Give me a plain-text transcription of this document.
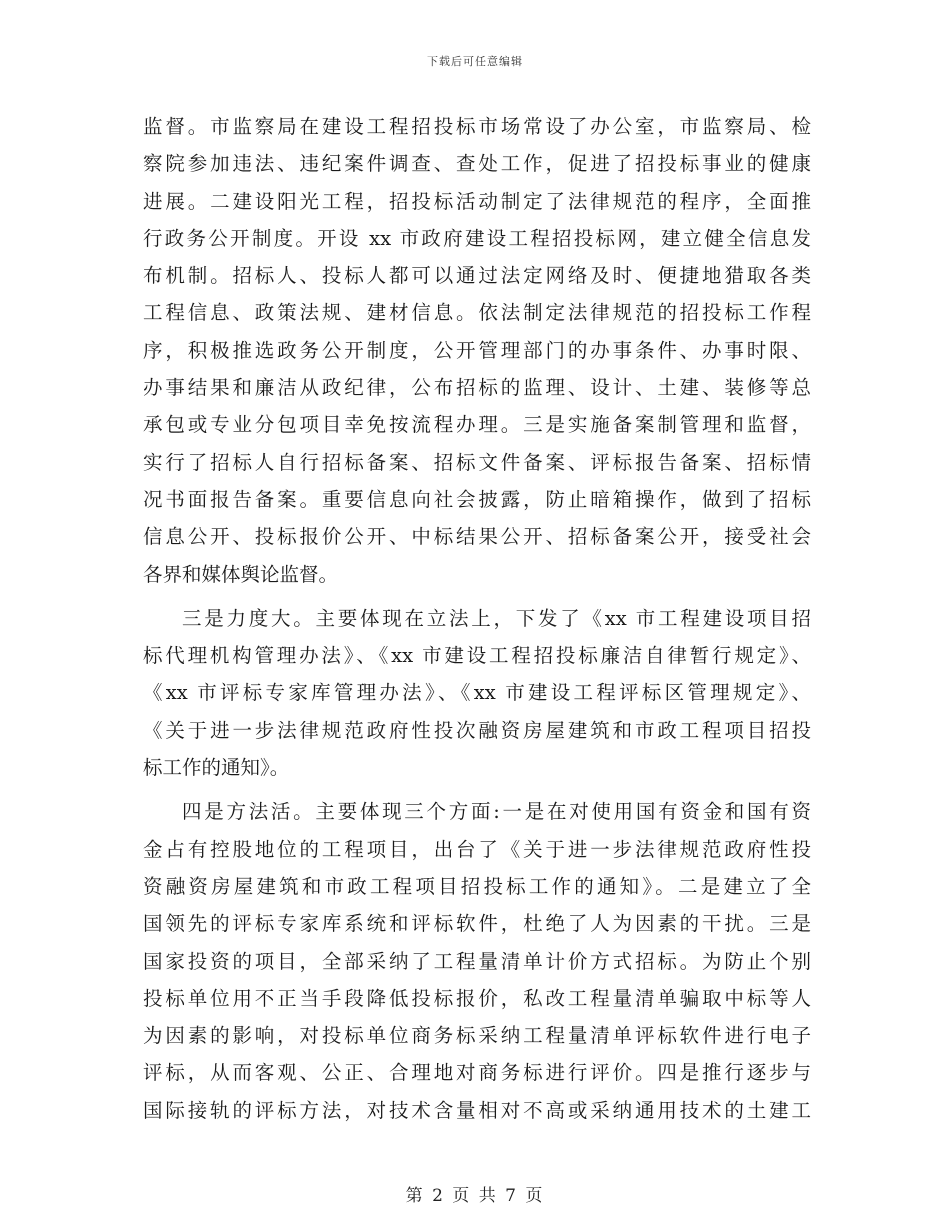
下载后可任意编辑
监督。市监察局在建设工程招投标市场常设了办公室，市监察局、检
察院参加违法、违纪案件调查、查处工作，促进了招投标事业的健康
进展。二建设阳光工程，招投标活动制定了法律规范的程序，全面推
行政务公开制度。开设 xx 市政府建设工程招投标网，建立健全信息发
布机制。招标人、投标人都可以通过法定网络及时、便捷地猎取各类
工程信息、政策法规、建材信息。依法制定法律规范的招投标工作程
序，积极推选政务公开制度，公开管理部门的办事条件、办事时限、
办事结果和廉洁从政纪律，公布招标的监理、设计、土建、装修等总
承包或专业分包项目幸免按流程办理。三是实施备案制管理和监督，
实行了招标人自行招标备案、招标文件备案、评标报告备案、招标情
况书面报告备案。重要信息向社会披露，防止暗箱操作，做到了招标
信息公开、投标报价公开、中标结果公开、招标备案公开，接受社会
各界和媒体舆论监督。
三是力度大。主要体现在立法上，下发了《xx 市工程建设项目招
标代理机构管理办法》、《xx 市建设工程招投标廉洁自律暂行规定》、
《xx 市评标专家库管理办法》、《xx 市建设工程评标区管理规定》、
《关于进一步法律规范政府性投次融资房屋建筑和市政工程项目招投
标工作的通知》。
四是方法活。主要体现三个方面:一是在对使用国有资金和国有资
金占有控股地位的工程项目，出台了《关于进一步法律规范政府性投
资融资房屋建筑和市政工程项目招投标工作的通知》。二是建立了全
国领先的评标专家库系统和评标软件，杜绝了人为因素的干扰。三是
国家投资的项目，全部采纳了工程量清单计价方式招标。为防止个别
投标单位用不正当手段降低投标报价，私改工程量清单骗取中标等人
为因素的影响，对投标单位商务标采纳工程量清单评标软件进行电子
评标，从而客观、公正、合理地对商务标进行评价。四是推行逐步与
国际接轨的评标方法，对技术含量相对不高或采纳通用技术的土建工
第 2 页 共 7 页
